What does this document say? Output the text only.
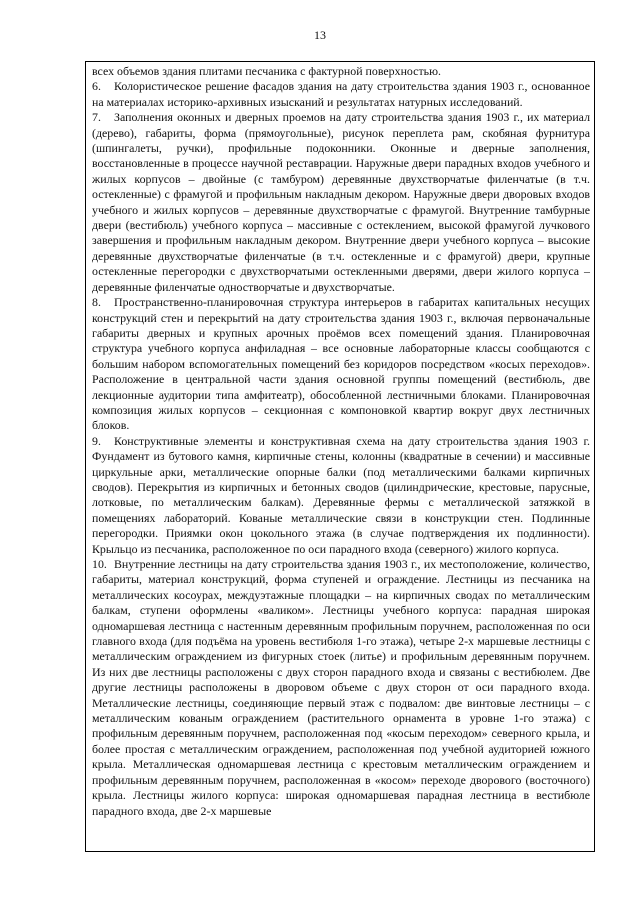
13

всех объемов здания плитами песчаника с фактурной поверхностью.

6. Колористическое решение фасадов здания на дату строительства здания 1903 г., основанное на материалах историко-архивных изысканий и результатах натурных исследований.

7. Заполнения оконных и дверных проемов на дату строительства здания 1903 г., их материал (дерево), габариты, форма (прямоугольные), рисунок переплета рам, скобяная фурнитура (шпингалеты, ручки), профильные подоконники. Оконные и дверные заполнения, восстановленные в процессе научной реставрации. Наружные двери парадных входов учебного и жилых корпусов – двойные (с тамбуром) деревянные двухстворчатые филенчатые (в т.ч. остекленные) с фрамугой и профильным накладным декором. Наружные двери дворовых входов учебного и жилых корпусов – деревянные двухстворчатые с фрамугой. Внутренние тамбурные двери (вестибюль) учебного корпуса – массивные с остеклением, высокой фрамугой лучкового завершения и профильным накладным декором. Внутренние двери учебного корпуса – высокие деревянные двухстворчатые филенчатые (в т.ч. остекленные и с фрамугой) двери, крупные остекленные перегородки с двухстворчатыми остекленными дверями, двери жилого корпуса – деревянные филенчатые одностворчатые и двухстворчатые.

8. Пространственно-планировочная структура интерьеров в габаритах капитальных несущих конструкций стен и перекрытий на дату строительства здания 1903 г., включая первоначальные габариты дверных и крупных арочных проёмов всех помещений здания. Планировочная структура учебного корпуса анфиладная – все основные лабораторные классы сообщаются с большим набором вспомогательных помещений без коридоров посредством «косых переходов». Расположение в центральной части здания основной группы помещений (вестибюль, две лекционные аудитории типа амфитеатр), обособленной лестничными блоками. Планировочная композиция жилых корпусов – секционная с компоновкой квартир вокруг двух лестничных блоков.

9. Конструктивные элементы и конструктивная схема на дату строительства здания 1903 г. Фундамент из бутового камня, кирпичные стены, колонны (квадратные в сечении) и массивные циркульные арки, металлические опорные балки (под металлическими балками кирпичных сводов). Перекрытия из кирпичных и бетонных сводов (цилиндрические, крестовые, парусные, лотковые, по металлическим балкам). Деревянные фермы с металлической затяжкой в помещениях лабораторий. Кованые металлические связи в конструкции стен. Подлинные перегородки. Приямки окон цокольного этажа (в случае подтверждения их подлинности). Крыльцо из песчаника, расположенное по оси парадного входа (северного) жилого корпуса.

10. Внутренние лестницы на дату строительства здания 1903 г., их местоположение, количество, габариты, материал конструкций, форма ступеней и ограждение. Лестницы из песчаника на металлических косоурах, междуэтажные площадки – на кирпичных сводах по металлическим балкам, ступени оформлены «валиком». Лестницы учебного корпуса: парадная широкая одномаршевая лестница с настенным деревянным профильным поручнем, расположенная по оси главного входа (для подъёма на уровень вестибюля 1-го этажа), четыре 2-х маршевые лестницы с металлическим ограждением из фигурных стоек (литье) и профильным деревянным поручнем. Из них две лестницы расположены с двух сторон парадного входа и связаны с вестибюлем. Две другие лестницы расположены в дворовом объеме с двух сторон от оси парадного входа. Металлические лестницы, соединяющие первый этаж с подвалом: две винтовые лестницы – с металлическим кованым ограждением (растительного орнамента в уровне 1-го этажа) с профильным деревянным поручнем, расположенная под «косым переходом» северного крыла, и более простая с металлическим ограждением, расположенная под учебной аудиторией южного крыла. Металлическая одномаршевая лестница с крестовым металлическим ограждением и профильным деревянным поручнем, расположенная в «косом» переходе дворового (восточного) крыла. Лестницы жилого корпуса: широкая одномаршевая парадная лестница в вестибюле парадного входа, две 2-х маршевые
